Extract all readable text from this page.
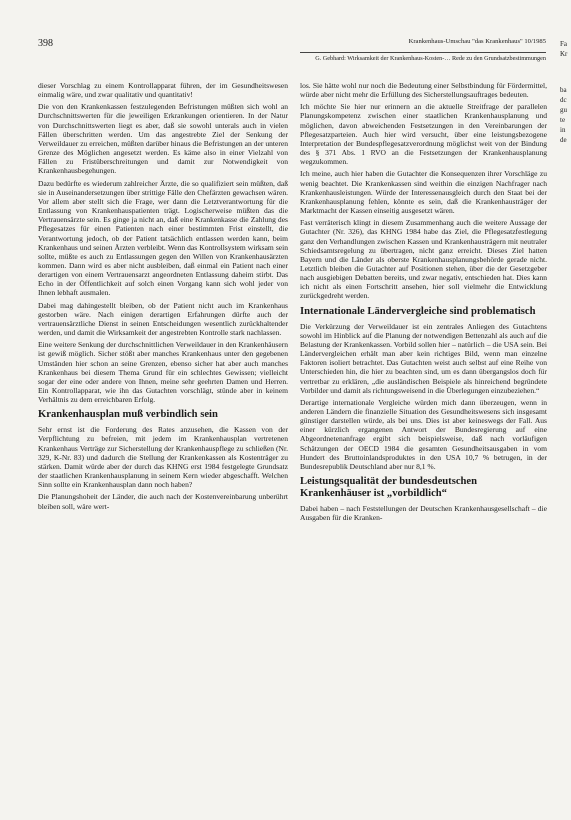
398	Krankenhaus-Umschau "das Krankenhaus" 10/1985
G. Gebhard: Wirksamkeit der Krankenhaus-Kosten-… Rede zu den Grundsatzbestimmungen

dieser Vorschlag zu einem Kontrollapparat führen, der im Gesundheitswesen einmalig wäre, und zwar qualitativ und quantitativ!

Die von den Krankenkassen festzulegenden Befristungen müßten sich wohl an Durchschnittswerten für die jeweiligen Erkrankungen orientieren. In der Natur von Durchschnittswerten liegt es aber, daß sie sowohl unterals auch in vielen Fällen überschritten werden. Um das angestrebte Ziel der Senkung der Verweildauer zu erreichen, müßten darüber hinaus die Befristungen an der unteren Grenze des Möglichen angesetzt werden. Es käme also in einer Vielzahl von Fällen zu Fristüberschreitungen und damit zur Notwendigkeit von Krankenhausbegehungen.

Dazu bedürfte es wiederum zahlreicher Ärzte, die so qualifiziert sein müßten, daß sie in Auseinandersetzungen über strittige Fälle den Chefärzten gewachsen wären. Vor allem aber stellt sich die Frage, wer dann die Letztverantwortung für die Entlassung von Krankenhauspatienten trägt. Logischerweise müßten das die Vertrauensärzte sein. Es ginge ja nicht an, daß eine Krankenkasse die Zahlung des Pflegesatzes für einen Patienten nach einer bestimmten Frist einstellt, die Verantwortung jedoch, ob der Patient tatsächlich entlassen werden kann, beim Krankenhaus und seinen Ärzten verbleibt. Wenn das Kontrollsystem wirksam sein sollte, müßte es auch zu Entlassungen gegen den Willen von Krankenhausärzten kommen. Dann wird es aber nicht ausbleiben, daß einmal ein Patient nach einer derartigen von einem Vertrauensarzt angeordneten Entlassung daheim stirbt. Das Echo in der Öffentlichkeit auf solch einen Vorgang kann sich wohl jeder von Ihnen lebhaft ausmalen.

Dabei mag dahingestellt bleiben, ob der Patient nicht auch im Krankenhaus gestorben wäre. Nach einigen derartigen Erfahrungen dürfte auch der vertrauensärztliche Dienst in seinen Entscheidungen wesentlich zurückhaltender werden, und damit die Wirksamkeit der angestrebten Kontrolle stark nachlassen.

Eine weitere Senkung der durchschnittlichen Verweildauer in den Krankenhäusern ist gewiß möglich. Sicher stößt aber manches Krankenhaus unter den gegebenen Umständen hier schon an seine Grenzen, ebenso sicher hat aber auch manches Krankenhaus bei diesem Thema Grund für ein schlechtes Gewissen; vielleicht sogar der eine oder andere von Ihnen, meine sehr geehrten Damen und Herren. Ein Kontrollapparat, wie ihn das Gutachten vorschlägt, stünde aber in keinem Verhältnis zu dem erreichbaren Erfolg.

Krankenhausplan muß verbindlich sein

Sehr ernst ist die Forderung des Rates anzusehen, die Kassen von der Verpflichtung zu befreien, mit jedem im Krankenhausplan vertretenen Krankenhaus Verträge zur Sicherstellung der Krankenhauspflege zu schließen (Nr. 329, K-Nr. 83) und dadurch die Stellung der Krankenkassen als Kostenträger zu stärken. Damit würde aber der durch das KHNG erst 1984 festgelegte Grundsatz der staatlichen Krankenhausplanung in seinem Kern wieder abgeschafft. Welchen Sinn sollte ein Krankenhausplan dann noch haben?

Die Planungshoheit der Länder, die auch nach der Kostenvereinbarung unberührt bleiben soll, wäre wert-

los. Sie hätte wohl nur noch die Bedeutung einer Selbstbindung für Fördermittel, würde aber nicht mehr die Erfüllung des Sicherstellungsauftrages bedeuten.

Ich möchte Sie hier nur erinnern an die aktuelle Streitfrage der parallelen Planungskompetenz zwischen einer staatlichen Krankenhausplanung und möglichen, davon abweichenden Festsetzungen in den Vereinbarungen der Pflegesatzparteien. Auch hier wird versucht, über eine leistungsbezogene Interpretation der Bundespflegesatzverordnung möglichst weit von der Bindung des § 371 Abs. 1 RVO an die Festsetzungen der Krankenhausplanung wegzukommen.

Ich meine, auch hier haben die Gutachter die Konsequenzen ihrer Vorschläge zu wenig beachtet. Die Krankenkassen sind weithin die einzigen Nachfrager nach Krankenhausleistungen. Würde der Interessenausgleich durch den Staat bei der Krankenhausplanung fehlen, könnte es sein, daß die Krankenhausträger der Marktmacht der Kassen einseitig ausgesetzt wären.

Fast verräterisch klingt in diesem Zusammenhang auch die weitere Aussage der Gutachter (Nr. 326), das KHNG 1984 habe das Ziel, die Pflegesatzfestlegung ganz den Verhandlungen zwischen Kassen und Krankenhausträgern mit neutraler Schiedsamtsregelung zu übertragen, nicht ganz erreicht. Dieses Ziel hatten Bayern und die Länder als oberste Krankenhausplanungsbehörde gerade nicht. Letztlich bleiben die Gutachter auf Positionen stehen, über die der Gesetzgeber nach ausgiebigen Debatten bereits, und zwar negativ, entschieden hat. Dies kann ich nicht als einen Fortschritt ansehen, hier soll vielmehr die Entwicklung zurückgedreht werden.

Internationale Ländervergleiche sind problematisch

Die Verkürzung der Verweildauer ist ein zentrales Anliegen des Gutachtens sowohl im Hinblick auf die Planung der notwendigen Bettenzahl als auch auf die Belastung der Krankenkassen. Vorbild sollen hier – natürlich – die USA sein. Bei Ländervergleichen erhält man aber kein richtiges Bild, wenn man einzelne Faktoren isoliert betrachtet. Das Gutachten weist auch selbst auf eine Reihe von Unterschieden hin, die hier zu beachten sind, um es dann übergangslos doch für vertretbar zu erklären, „die ausländischen Beispiele als hinreichend begründete Vorbilder und damit als richtungsweisend in die Überlegungen einzubeziehen.“

Derartige internationale Vergleiche würden mich dann überzeugen, wenn in anderen Ländern die finanzielle Situation des Gesundheitswesens sich insgesamt günstiger darstellen würde, als bei uns. Dies ist aber keineswegs der Fall. Aus einer kürzlich ergangenen Antwort der Bundesregierung auf eine Abgeordnetenanfrage ergibt sich beispielsweise, daß nach vorläufigen Schätzungen der OECD 1984 die gesamten Gesundheitsausgaben in vom Hundert des Bruttoinlandsproduktes in den USA 10,7 % betrugen, in der Bundesrepublik Deutschland aber nur 8,1 %.

Leistungsqualität der bundesdeutschen Krankenhäuser ist „vorbildlich“

Dabei haben – nach Feststellungen der Deutschen Krankenhausgesellschaft – die Ausgaben für die Kranken-

Fa
Kr
ba
dc
gu
te
in
de
